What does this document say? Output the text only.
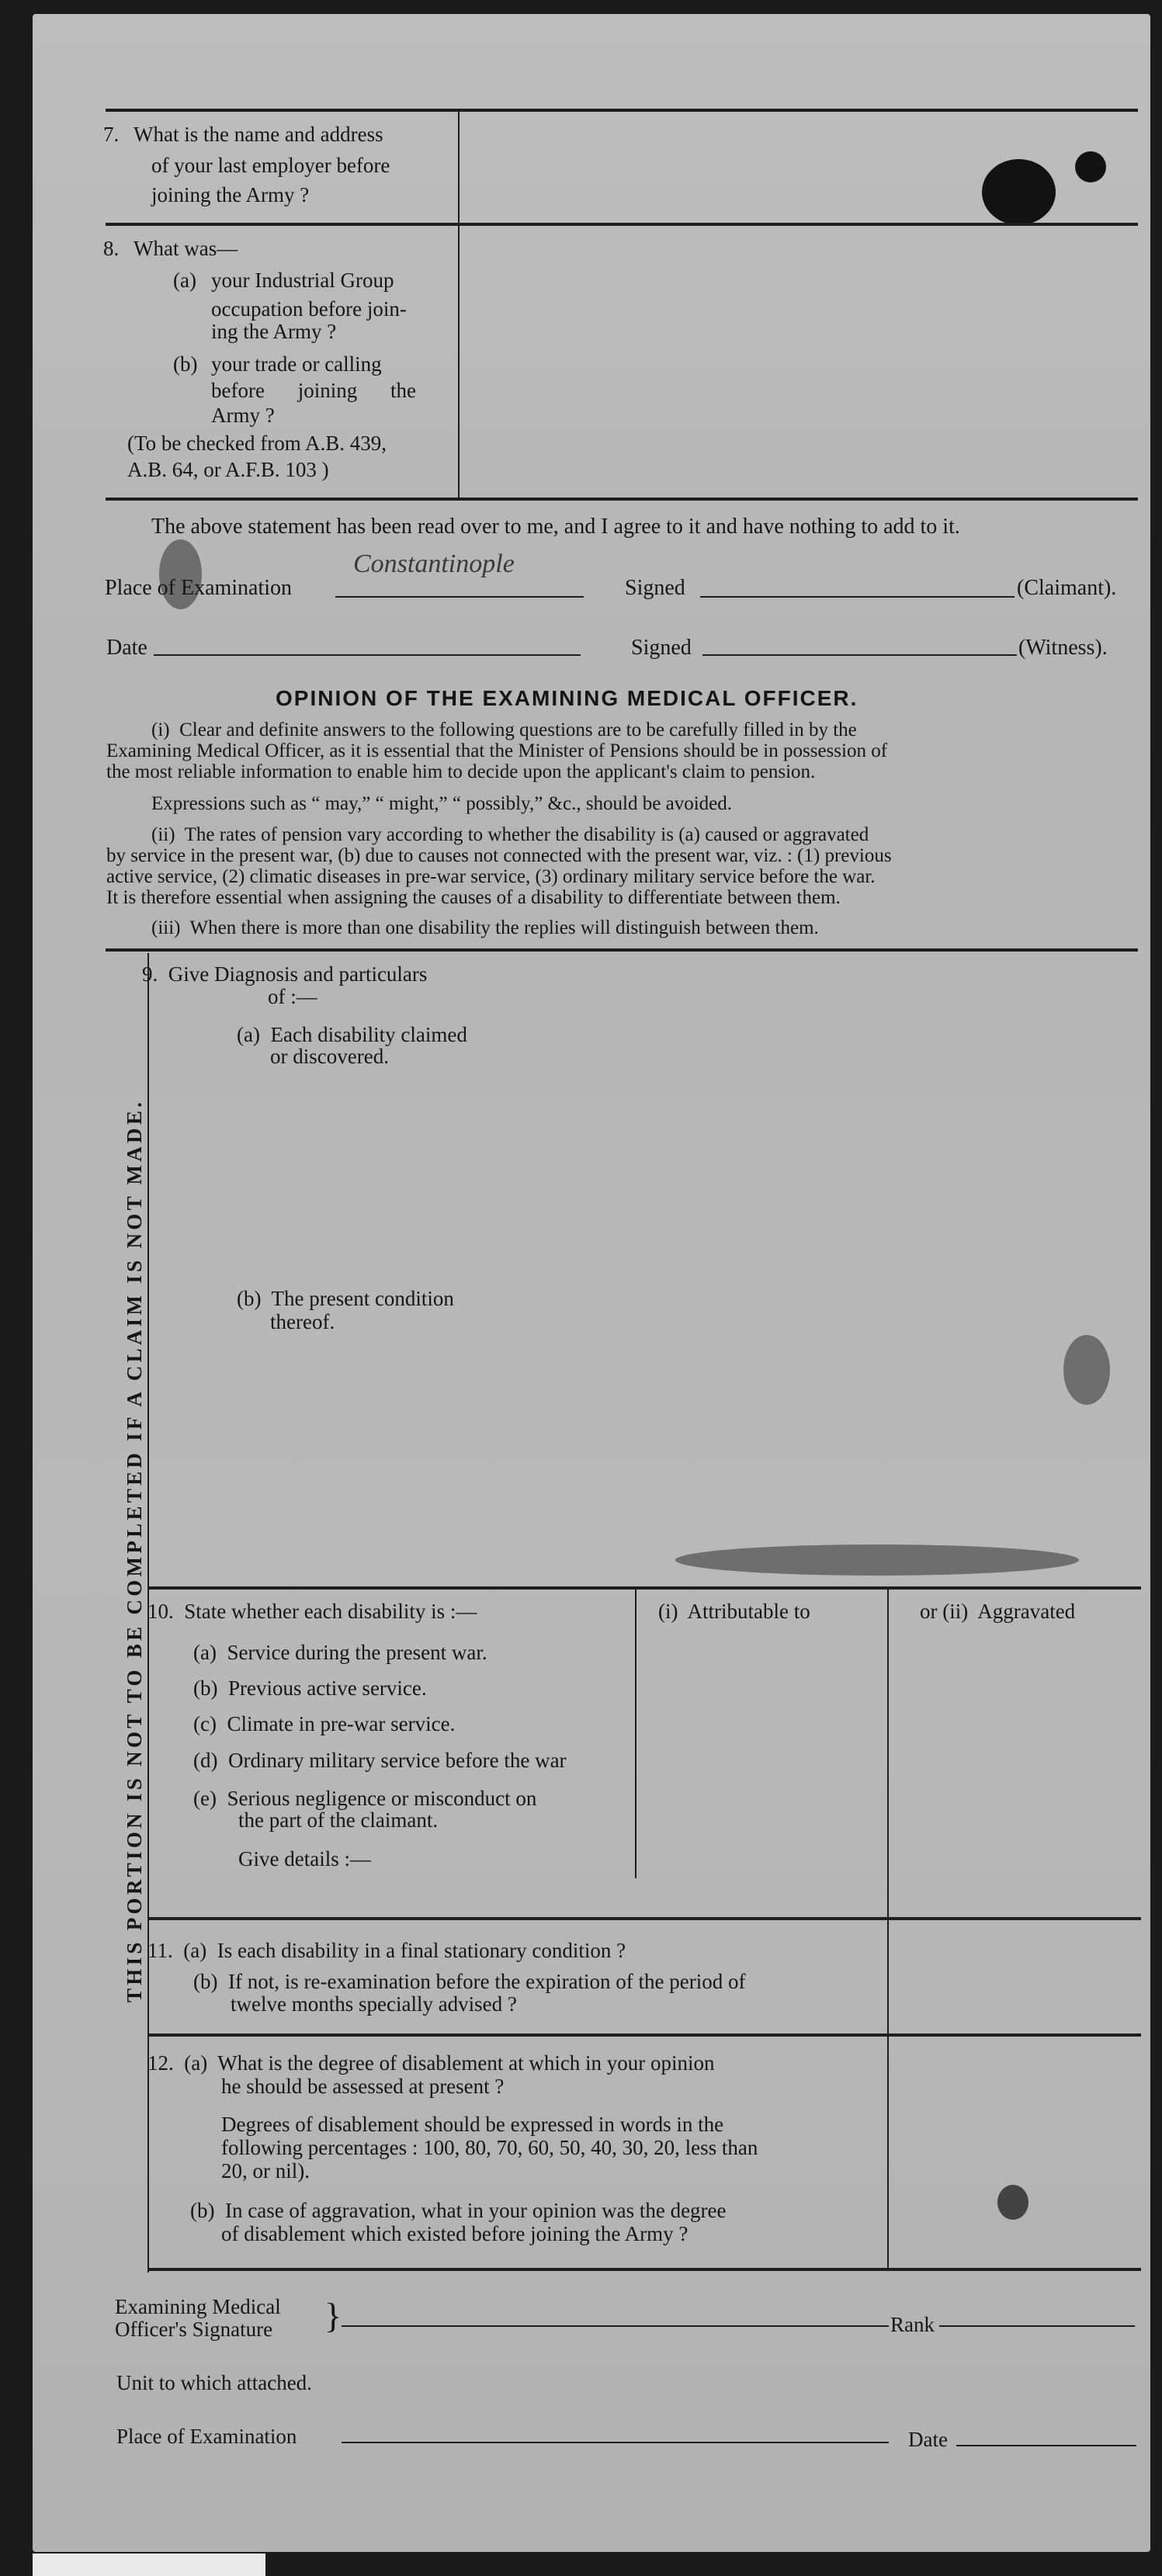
7. What is the name and address
of your last employer before
joining the Army ?
8. What was—
(a) your Industrial Group
occupation before join-
ing the Army ?
(b) your trade or calling
before joining the
Army ?
(To be checked from A.B. 439,
A.B. 64, or A.F.B. 103 )
The above statement has been read over to me, and I agree to it and have nothing to add to it.
Place of Examination
Constantinople
Signed	(Claimant).
Date	Signed	(Witness).
OPINION OF THE EXAMINING MEDICAL OFFICER.
(i)  Clear and definite answers to the following questions are to be carefully filled in by the
Examining Medical Officer, as it is essential that the Minister of Pensions should be in possession of
the most reliable information to enable him to decide upon the applicant's claim to pension.
Expressions such as “ may,” “ might,” “ possibly,” &c., should be avoided.
(ii)  The rates of pension vary according to whether the disability is (a) caused or aggravated
by service in the present war, (b) due to causes not connected with the present war, viz. : (1) previous
active service, (2) climatic diseases in pre-war service, (3) ordinary military service before the war.
It is therefore essential when assigning the causes of a disability to differentiate between them.
(iii)  When there is more than one disability the replies will distinguish between them.
THIS PORTION IS NOT TO BE COMPLETED IF A CLAIM IS NOT MADE.
9.  Give Diagnosis and particulars
of :—
(a)  Each disability claimed
or discovered.
(b)  The present condition
thereof.
10.  State whether each disability is :—	(i)  Attributable to	or (ii)  Aggravated
(a)  Service during the present war.
(b)  Previous active service.
(c)  Climate in pre-war service.
(d)  Ordinary military service before the war
(e)  Serious negligence or misconduct on
the part of the claimant.
Give details :—
11.  (a)  Is each disability in a final stationary condition ?
(b)  If not, is re-examination before the expiration of the period of
twelve months specially advised ?
12.  (a)  What is the degree of disablement at which in your opinion
he should be assessed at present ?
Degrees of disablement should be expressed in words in the
following percentages : 100, 80, 70, 60, 50, 40, 30, 20, less than
20, or nil).
(b)  In case of aggravation, what in your opinion was the degree
of disablement which existed before joining the Army ?
Examining Medical
Officer's Signature }	Rank
Unit to which attached.
Place of Examination	Date
